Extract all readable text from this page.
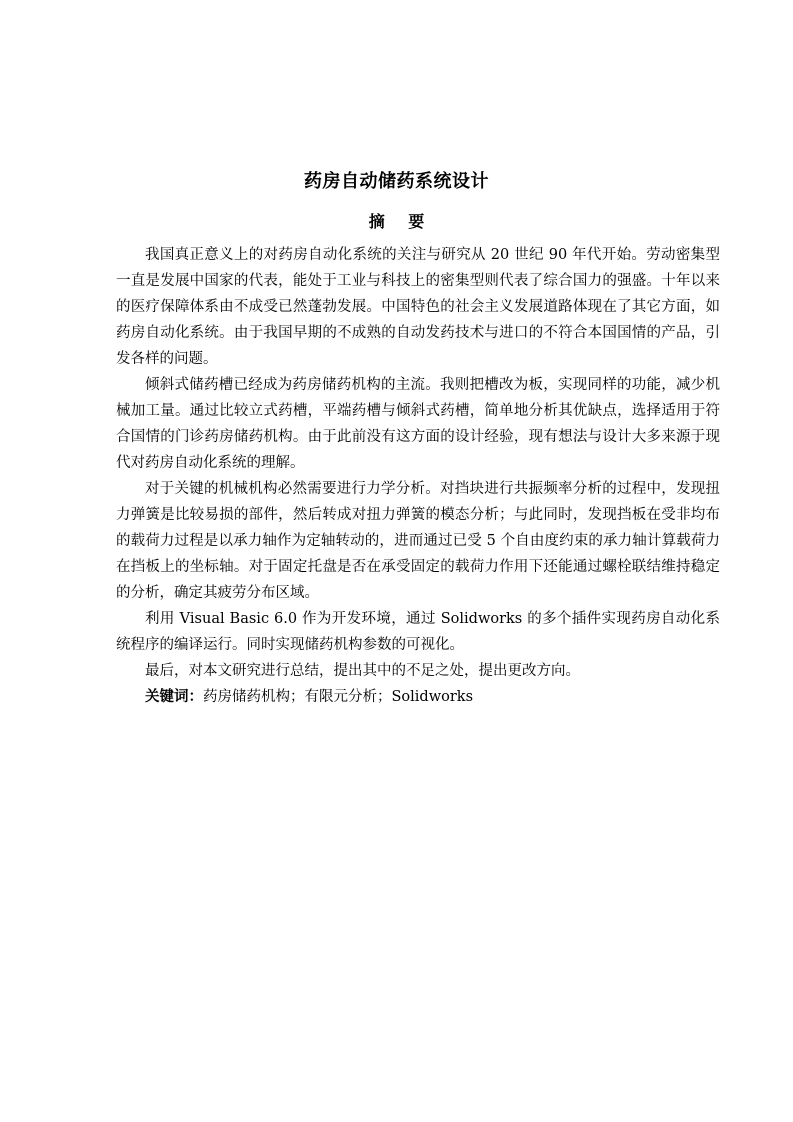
药房自动储药系统设计
摘 要

我国真正意义上的对药房自动化系统的关注与研究从 20 世纪 90 年代开始。劳动密集型一直是发展中国家的代表，能处于工业与科技上的密集型则代表了综合国力的强盛。十年以来的医疗保障体系由不成受已然蓬勃发展。中国特色的社会主义发展道路体现在了其它方面，如药房自动化系统。由于我国早期的不成熟的自动发药技术与进口的不符合本国国情的产品，引发各样的问题。

倾斜式储药槽已经成为药房储药机构的主流。我则把槽改为板，实现同样的功能，减少机械加工量。通过比较立式药槽，平端药槽与倾斜式药槽，简单地分析其优缺点，选择适用于符合国情的门诊药房储药机构。由于此前没有这方面的设计经验，现有想法与设计大多来源于现代对药房自动化系统的理解。

对于关键的机械机构必然需要进行力学分析。对挡块进行共振频率分析的过程中，发现扭力弹簧是比较易损的部件，然后转成对扭力弹簧的模态分析；与此同时，发现挡板在受非均布的载荷力过程是以承力轴作为定轴转动的，进而通过已受 5 个自由度约束的承力轴计算载荷力在挡板上的坐标轴。对于固定托盘是否在承受固定的载荷力作用下还能通过螺栓联结维持稳定的分析，确定其疲劳分布区域。

利用 Visual Basic 6.0 作为开发环境，通过 Solidworks 的多个插件实现药房自动化系统程序的编译运行。同时实现储药机构参数的可视化。

最后，对本文研究进行总结，提出其中的不足之处，提出更改方向。

关键词：药房储药机构；有限元分析；Solidworks
